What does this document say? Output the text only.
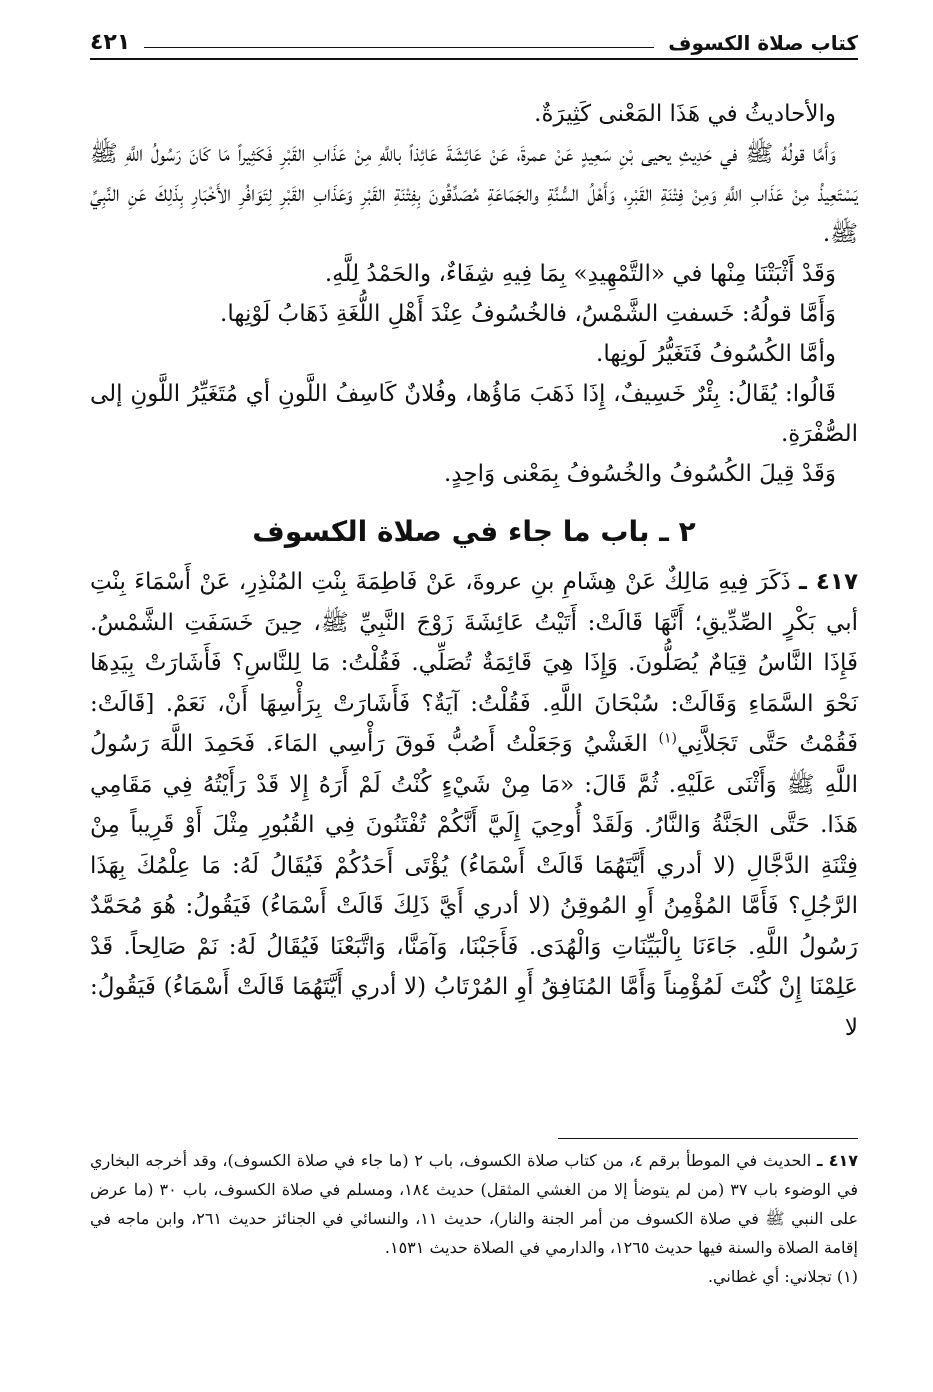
كتاب صلاة الكسوف
٤٢١

والأحاديثُ في هَذَا المَعْنى كَثِيرَةٌ.

وَأَمَّا قولُهُ ﷺ في حَدِيثِ يحيى بْنِ سَعِيدٍ عَنْ عمرةَ، عَنْ عَائِشَةَ عَائِذاً باللَّهِ مِنْ عَذَابِ القَبْرِ فَكَثِيراً مَا كَانَ رَسُولُ اللَّهِ ﷺ يَسْتَعِيذُ مِنْ عَذَابِ اللَّهِ وَمِنْ فِتْنَةِ القَبْرِ، وَأَهْلُ السُّنَّةِ والجَمَاعَةِ مُصَدِّقُونَ بِفِتْنَةِ القَبْرِ وَعَذَابِ القَبْرِ لِتَوَافُرِ الأَخْبَارِ بِذَلِكَ عَنِ النَّبِيِّ ﷺ.

وَقَدْ أَثْبَتْنَا مِنْها في «التَّمْهِيدِ» بِمَا فِيهِ شِفَاءٌ، والحَمْدُ لِلَّهِ.

وَأَمَّا قولُهُ: خَسفتِ الشَّمْسُ، فالخُسُوفُ عِنْدَ أَهْلِ اللُّغَةِ ذَهَابُ لَوْنِها.

وأمَّا الكُسُوفُ فَتَغَيُّرُ لَونِها.

قَالُوا: يُقَالُ: بِئْرٌ خَسِيفٌ، إِذَا ذَهَبَ مَاؤُها، وفُلانٌ كَاسِفُ اللَّونِ أي مُتَغَيِّرُ اللَّونِ إلى الصُّفْرَةِ.

وَقَدْ قِيلَ الكُسُوفُ والخُسُوفُ بِمَعْنى وَاحِدٍ.

٢ ـ باب ما جاء في صلاة الكسوف

٤١٧ ـ ذَكَرَ فِيهِ مَالِكٌ عَنْ هِشَامِ بنِ عروةَ، عَنْ فَاطِمَةَ بِنْتِ المُنْذِرِ، عَنْ أَسْمَاءَ بِنْتِ أبي بَكْرٍ الصِّدِّيقِ؛ أَنَّهَا قَالَتْ: أَتَيْتُ عَائِشَةَ زَوْجَ النَّبِيِّ ﷺ، حِينَ خَسَفَتِ الشَّمْسُ. فَإِذَا النَّاسُ قِيَامٌ يُصَلُّونَ. وَإِذَا هِيَ قَائِمَةٌ تُصَلِّي. فَقُلْتُ: مَا لِلنَّاسِ؟ فَأَشَارَتْ بِيَدِهَا نَحْوَ السَّمَاءِ وَقَالَتْ: سُبْحَانَ اللَّهِ. فَقُلْتُ: آيَةٌ؟ فَأَشَارَتْ بِرَأْسِهَا أَنْ، نَعَمْ. [قَالَتْ: فَقُمْتُ حَتَّى تَجَلاَّنِي$^{(١)}$ الغَشْيُ وَجَعَلْتُ أَصُبُّ فَوقَ رَأْسِي المَاءَ. فَحَمِدَ اللَّهَ رَسُولُ اللَّهِ ﷺ وَأَثْنَى عَلَيْهِ. ثُمَّ قَالَ: «مَا مِنْ شَيْءٍ كُنْتُ لَمْ أَرَهُ إِلا قَدْ رَأَيْتُهُ فِي مَقَامِي هَذَا. حَتَّى الجَنَّةُ وَالنَّارُ. وَلَقَدْ أُوحِيَ إِلَيَّ أَنَّكُمْ تُفْتَنُونَ فِي القُبُورِ مِثْلَ أَوْ قَرِيباً مِنْ فِتْنَةِ الدَّجَّالِ (لا أدري أَيَّتَهُمَا قَالَتْ أَسْمَاءُ) يُؤْتَى أَحَدُكُمْ فَيُقَالُ لَهُ: مَا عِلْمُكَ بِهَذَا الرَّجُلِ؟ فَأَمَّا المُؤْمِنُ أَوِ المُوقِنُ (لا أدري أَيَّ ذَلِكَ قَالَتْ أَسْمَاءُ) فَيَقُولُ: هُوَ مُحَمَّدٌ رَسُولُ اللَّهِ. جَاءَنَا بِالْبَيِّنَاتِ وَالْهُدَى. فَأَجَبْنَا، وَآمَنَّا، وَاتَّبَعْنَا فَيُقَالُ لَهُ: نَمْ صَالِحاً. قَدْ عَلِمْنَا إِنْ كُنْتَ لَمُؤْمِناً وَأَمَّا المُنَافِقُ أَوِ المُرْتَابُ (لا أدري أَيَّتَهُمَا قَالَتْ أَسْمَاءُ) فَيَقُولُ: لا

٤١٧ ـ الحديث في الموطأ برقم ٤، من كتاب صلاة الكسوف، باب ٢ (ما جاء في صلاة الكسوف)، وقد أخرجه البخاري في الوضوء باب ٣٧ (من لم يتوضأ إلا من الغشي المثقل) حديث ١٨٤، ومسلم في صلاة الكسوف، باب ٣٠ (ما عرض على النبي ﷺ في صلاة الكسوف من أمر الجنة والنار)، حديث ١١، والنسائي في الجنائز حديث ٢٦١، وابن ماجه في إقامة الصلاة والسنة فيها حديث ١٢٦٥، والدارمي في الصلاة حديث ١٥٣١.

(١) تجلاني: أي غطاني.
